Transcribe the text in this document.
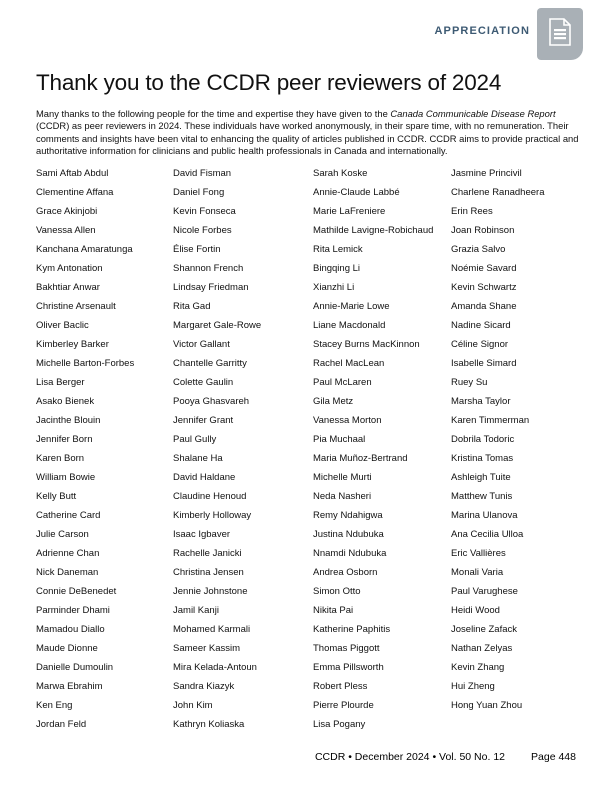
APPRECIATION
Thank you to the CCDR peer reviewers of 2024

Many thanks to the following people for the time and expertise they have given to the Canada Communicable Disease Report (CCDR) as peer reviewers in 2024. These individuals have worked anonymously, in their spare time, with no remuneration. Their comments and insights have been vital to enhancing the quality of articles published in CCDR. CCDR aims to provide practical and authoritative information for clinicians and public health professionals in Canada and internationally.

Sami Aftab Abdul
Clementine Affana
Grace Akinjobi
Vanessa Allen
Kanchana Amaratunga
Kym Antonation
Bakhtiar Anwar
Christine Arsenault
Oliver Baclic
Kimberley Barker
Michelle Barton-Forbes
Lisa Berger
Asako Bienek
Jacinthe Blouin
Jennifer Born
Karen Born
William Bowie
Kelly Butt
Catherine Card
Julie Carson
Adrienne Chan
Nick Daneman
Connie DeBenedet
Parminder Dhami
Mamadou Diallo
Maude Dionne
Danielle Dumoulin
Marwa Ebrahim
Ken Eng
Jordan Feld
David Fisman
Daniel Fong
Kevin Fonseca
Nicole Forbes
Élise Fortin
Shannon French
Lindsay Friedman
Rita Gad
Margaret Gale-Rowe
Victor Gallant
Chantelle Garritty
Colette Gaulin
Pooya Ghasvareh
Jennifer Grant
Paul Gully
Shalane Ha
David Haldane
Claudine Henoud
Kimberly Holloway
Isaac Igbaver
Rachelle Janicki
Christina Jensen
Jennie Johnstone
Jamil Kanji
Mohamed Karmali
Sameer Kassim
Mira Kelada-Antoun
Sandra Kiazyk
John Kim
Kathryn Koliaska
Sarah Koske
Annie-Claude Labbé
Marie LaFreniere
Mathilde Lavigne-Robichaud
Rita Lemick
Bingqing Li
Xianzhi Li
Annie-Marie Lowe
Liane Macdonald
Stacey Burns MacKinnon
Rachel MacLean
Paul McLaren
Gila Metz
Vanessa Morton
Pia Muchaal
Maria Muñoz-Bertrand
Michelle Murti
Neda Nasheri
Remy Ndahigwa
Justina Ndubuka
Nnamdi Ndubuka
Andrea Osborn
Simon Otto
Nikita Pai
Katherine Paphitis
Thomas Piggott
Emma Pillsworth
Robert Pless
Pierre Plourde
Lisa Pogany
Jasmine Princivil
Charlene Ranadheera
Erin Rees
Joan Robinson
Grazia Salvo
Noémie Savard
Kevin Schwartz
Amanda Shane
Nadine Sicard
Céline Signor
Isabelle Simard
Ruey Su
Marsha Taylor
Karen Timmerman
Dobrila Todoric
Kristina Tomas
Ashleigh Tuite
Matthew Tunis
Marina Ulanova
Ana Cecilia Ulloa
Eric Vallières
Monali Varia
Paul Varughese
Heidi Wood
Joseline Zafack
Nathan Zelyas
Kevin Zhang
Hui Zheng
Hong Yuan Zhou
CCDR • December 2024 • Vol. 50 No. 12 Page 448
